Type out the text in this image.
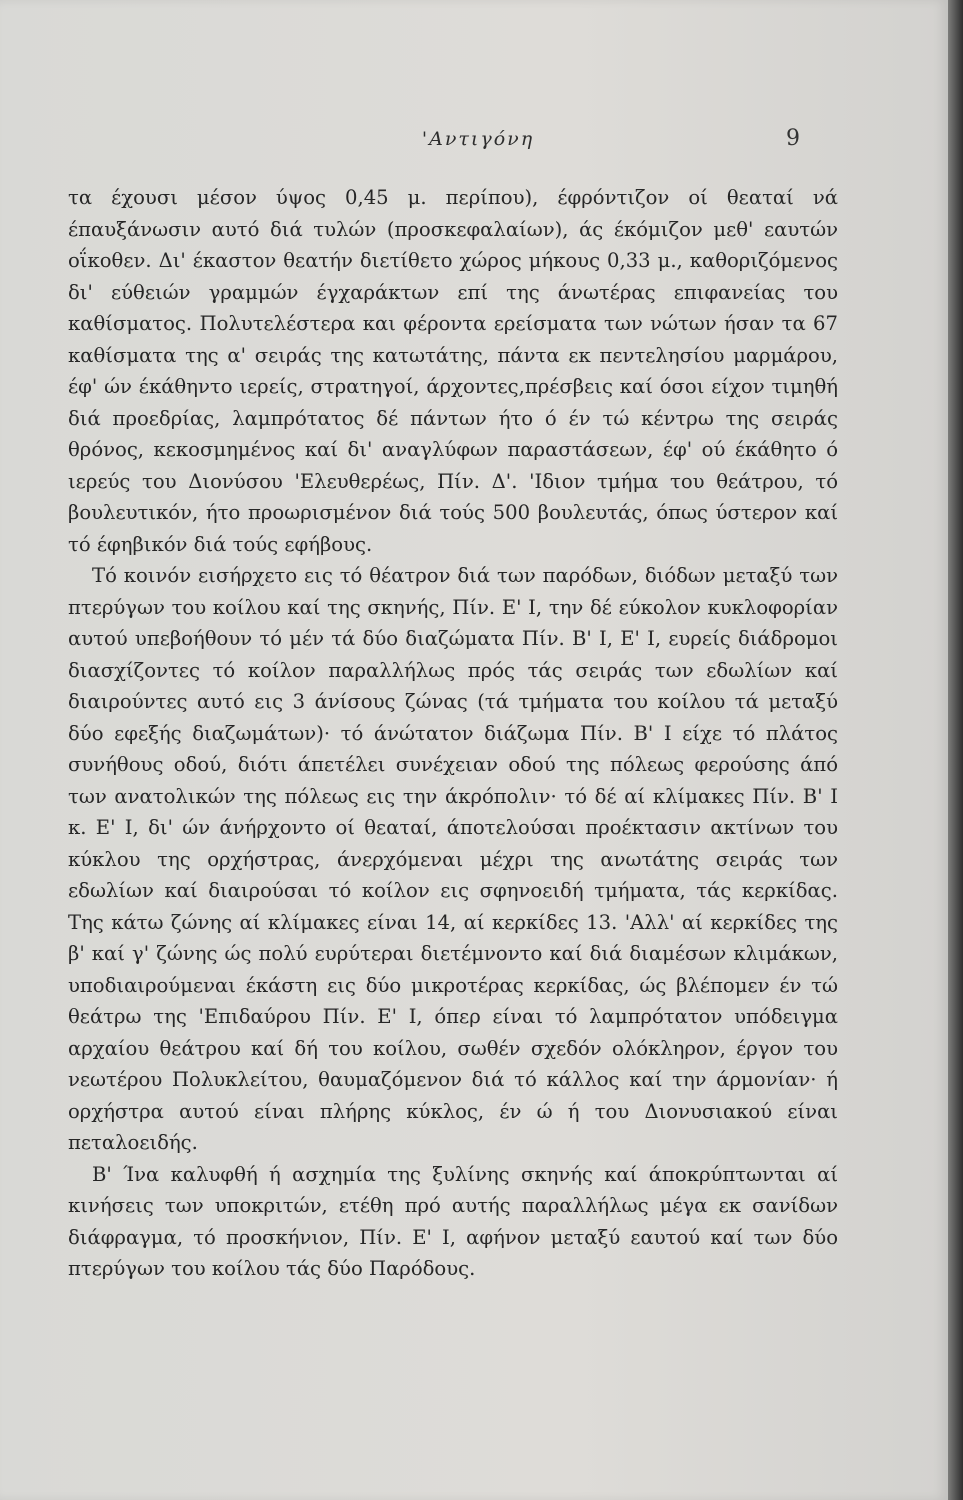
'Αντιγόνη	9

τα έχουσι μέσον ύψος 0,45 μ. περίπου), έφρόντιζον οί θεαταί νά έπαυξάνωσιν αυτό διά τυλών (προσκεφαλαίων), άς έκόμιζον μεθ' εαυτών οΐκοθεν. Δι' έκαστον θεατήν διετίθετο χώρος μήκους 0,33 μ., καθοριζόμενος δι' εύθειών γραμμών έγχαράκτων επί της άνωτέρας επιφανείας του καθίσματος. Πολυτελέστερα και φέροντα ερείσματα των νώτων ήσαν τα 67 καθίσματα της α' σειράς της κατωτάτης, πάντα εκ πεντελησίου μαρμάρου, έφ' ών έκάθηντο ιερείς, στρατηγοί, άρχοντες,πρέσβεις καί όσοι είχον τιμηθή διά προεδρίας, λαμπρότατος δέ πάντων ήτο ό έν τώ κέντρω της σειράς θρόνος, κεκοσμημένος καί δι' αναγλύφων παραστάσεων, έφ' ού έκάθητο ό ιερεύς του Διονύσου 'Ελευθερέως, Πίν. Δ'. 'Ιδιον τμήμα του θεάτρου, τό βουλευτικόν, ήτο προωρισμένον διά τούς 500 βουλευτάς, όπως ύστερον καί τό έφηβικόν διά τούς εφήβους.

Τό κοινόν εισήρχετο εις τό θέατρον διά των παρόδων, διόδων μεταξύ των πτερύγων του κοίλου καί της σκηνής, Πίν. Ε' Ι, την δέ εύκολον κυκλοφορίαν αυτού υπεβοήθουν τό μέν τά δύο διαζώματα Πίν. Β' Ι, Ε' Ι, ευρείς διάδρομοι διασχίζοντες τό κοίλον παραλλήλως πρός τάς σειράς των εδωλίων καί διαιρούντες αυτό εις 3 άνίσους ζώνας (τά τμήματα του κοίλου τά μεταξύ δύο εφεξής διαζωμάτων)· τό άνώτατον διάζωμα Πίν. Β' Ι είχε τό πλάτος συνήθους οδού, διότι άπετέλει συνέχειαν οδού της πόλεως φερούσης άπό των ανατολικών της πόλεως εις την άκρόπολιν· τό δέ αί κλίμακες Πίν. Β' Ι κ. Ε' Ι, δι' ών άνήρχοντο οί θεαταί, άποτελούσαι προέκτασιν ακτίνων του κύκλου της ορχήστρας, άνερχόμεναι μέχρι της ανωτάτης σειράς των εδωλίων καί διαιρούσαι τό κοίλον εις σφηνοειδή τμήματα, τάς κερκίδας. Της κάτω ζώνης αί κλίμακες είναι 14, αί κερκίδες 13. 'Αλλ' αί κερκίδες της β' καί γ' ζώνης ώς πολύ ευρύτεραι διετέμνοντο καί διά διαμέσων κλιμάκων, υποδιαιρούμεναι έκάστη εις δύο μικροτέρας κερκίδας, ώς βλέπομεν έν τώ θεάτρω της 'Επιδαύρου Πίν. Ε' Ι, όπερ είναι τό λαμπρότατον υπόδειγμα αρχαίου θεάτρου καί δή του κοίλου, σωθέν σχεδόν ολόκληρον, έργον του νεωτέρου Πολυκλείτου, θαυμαζόμενον διά τό κάλλος καί την άρμονίαν· ή ορχήστρα αυτού είναι πλήρης κύκλος, έν ώ ή του Διονυσιακού είναι πεταλοειδής.

Β' Ίνα καλυφθή ή ασχημία της ξυλίνης σκηνής καί άποκρύπτωνται αί κινήσεις των υποκριτών, ετέθη πρό αυτής παραλλήλως μέγα εκ σανίδων διάφραγμα, τό προσκήνιον, Πίν. Ε' Ι, αφήνον μεταξύ εαυτού καί των δύο πτερύγων του κοίλου τάς δύο Παρόδους.
